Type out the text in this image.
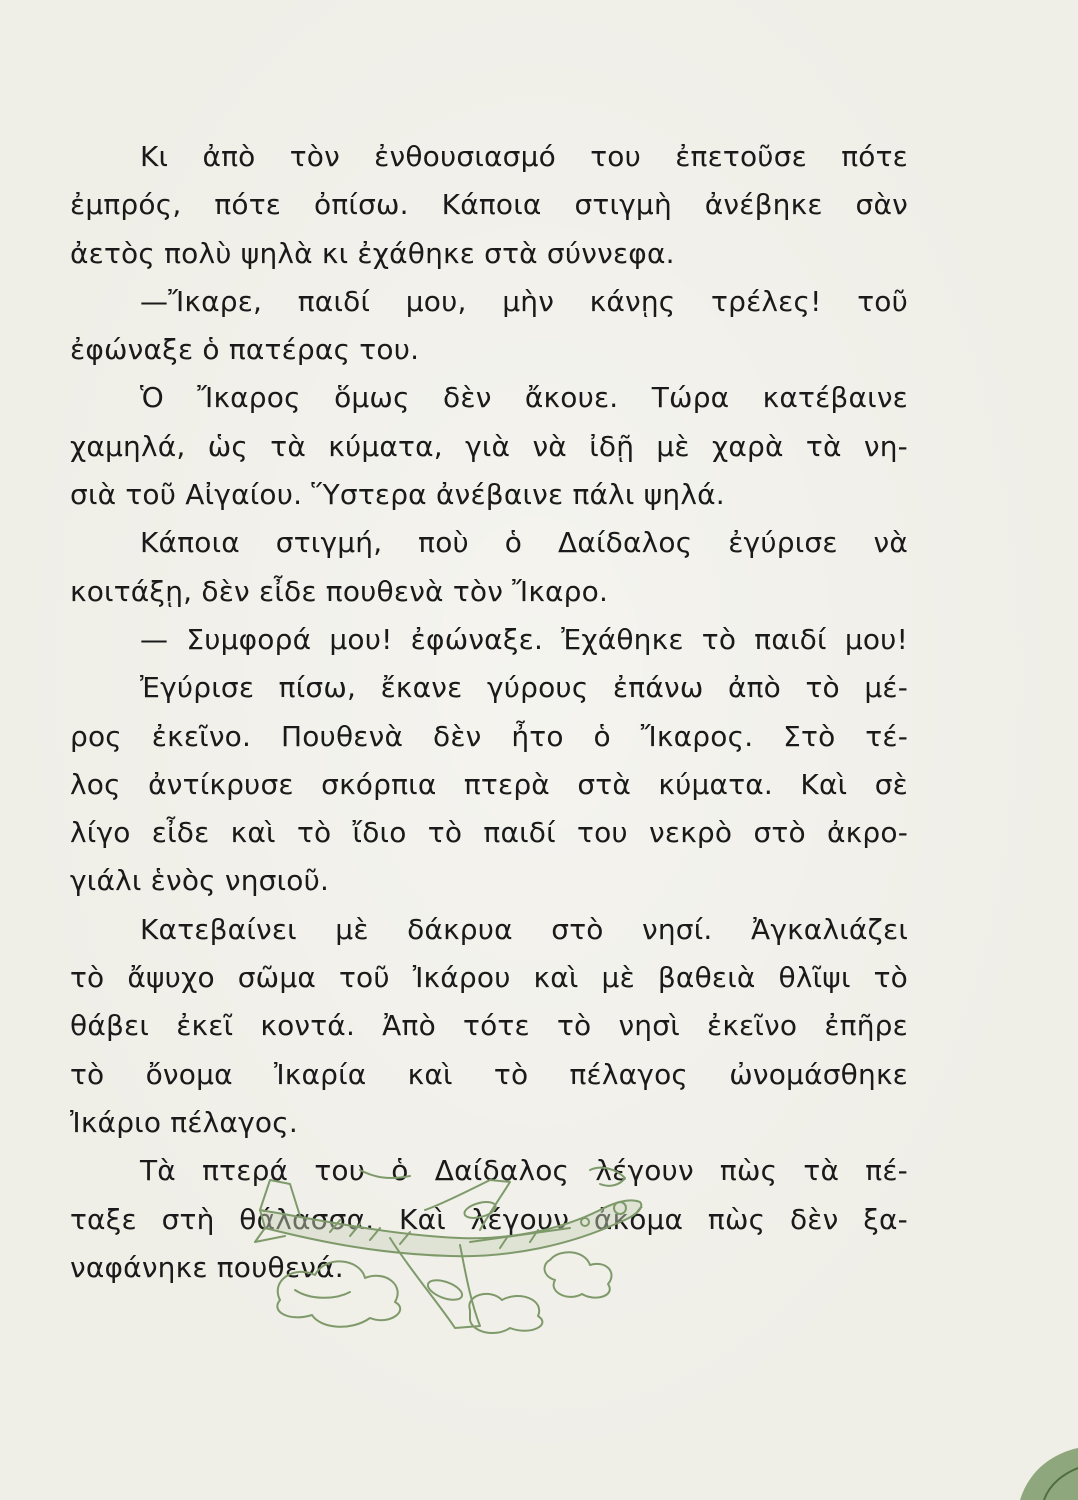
Κι ἀπὸ τὸν ἐνθουσιασμό του ἐπετοῦσε πότε
ἐμπρός, πότε ὀπίσω. Κάποια στιγμὴ ἀνέβηκε σὰν
ἀετὸς πολὺ ψηλὰ κι ἐχάθηκε στὰ σύννεφα.
—Ἴκαρε, παιδί μου, μὴν κάνῃς τρέλες! τοῦ
ἐφώναξε ὁ πατέρας του.
Ὁ Ἴκαρος ὅμως δὲν ἄκουε. Τώρα κατέβαινε
χαμηλά, ὡς τὰ κύματα, γιὰ νὰ ἰδῇ μὲ χαρὰ τὰ νη-
σιὰ τοῦ Αἰγαίου. Ὕστερα ἀνέβαινε πάλι ψηλά.
Κάποια στιγμή, ποὺ ὁ Δαίδαλος ἐγύρισε νὰ
κοιτάξῃ, δὲν εἶδε πουθενὰ τὸν Ἴκαρο.
— Συμφορά μου! ἐφώναξε. Ἐχάθηκε τὸ παιδί μου!
Ἐγύρισε πίσω, ἔκανε γύρους ἐπάνω ἀπὸ τὸ μέ-
ρος ἐκεῖνο. Πουθενὰ δὲν ἦτο ὁ Ἴκαρος. Στὸ τέ-
λος ἀντίκρυσε σκόρπια πτερὰ στὰ κύματα. Καὶ σὲ
λίγο εἶδε καὶ τὸ ἴδιο τὸ παιδί του νεκρὸ στὸ ἀκρο-
γιάλι ἑνὸς νησιοῦ.
Κατεβαίνει μὲ δάκρυα στὸ νησί. Ἀγκαλιάζει
τὸ ἄψυχο σῶμα τοῦ Ἰκάρου καὶ μὲ βαθειὰ θλῖψι τὸ
θάβει ἐκεῖ κοντά. Ἀπὸ τότε τὸ νησὶ ἐκεῖνο ἐπῆρε
τὸ ὄνομα Ἰκαρία καὶ τὸ πέλαγος ὠνομάσθηκε
Ἰκάριο πέλαγος.
Τὰ πτερά του ὁ Δαίδαλος λέγουν πὼς τὰ πέ-
ταξε στὴ θάλασσα. Καὶ λέγουν ἀκόμα πὼς δὲν ξα-
ναφάνηκε πουθενά.
